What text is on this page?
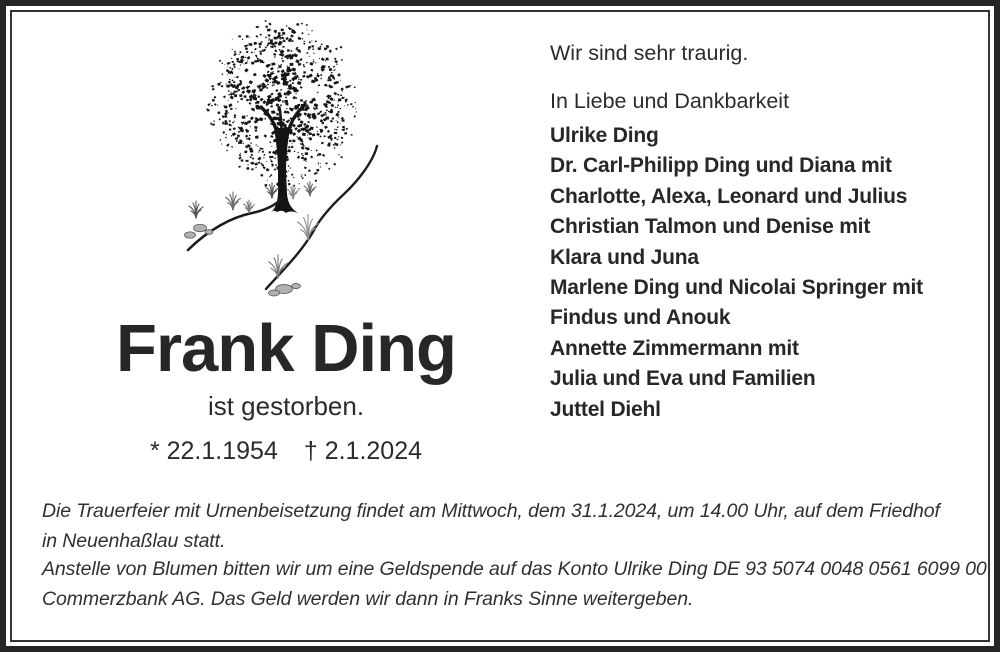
Frank Ding
ist gestorben.
* 22.1.1954 † 2.1.2024

Wir sind sehr traurig.

In Liebe und Dankbarkeit

Ulrike Ding
Dr. Carl-Philipp Ding und Diana mit
Charlotte, Alexa, Leonard und Julius
Christian Talmon und Denise mit
Klara und Juna
Marlene Ding und Nicolai Springer mit
Findus und Anouk
Annette Zimmermann mit
Julia und Eva und Familien
Juttel Diehl
Die Trauerfeier mit Urnenbeisetzung findet am Mittwoch, dem 31.1.2024, um 14.00 Uhr, auf dem Friedhof
in Neuenhaßlau statt.
Anstelle von Blumen bitten wir um eine Geldspende auf das Konto Ulrike Ding DE 93 5074 0048 0561 6099 00
Commerzbank AG. Das Geld werden wir dann in Franks Sinne weitergeben.
